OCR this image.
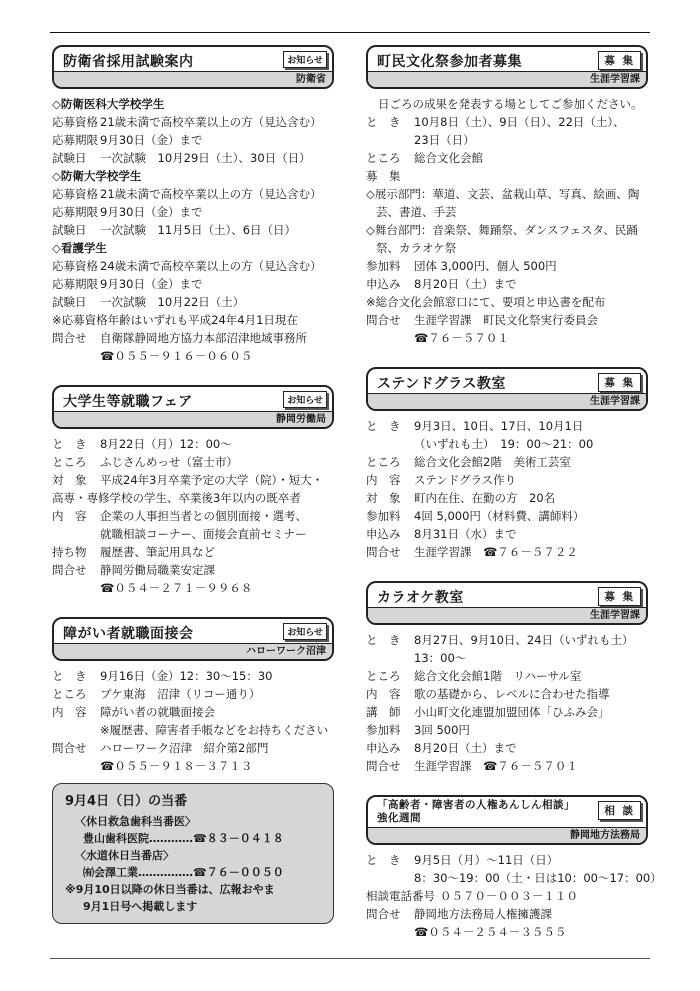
防衛省採用試験案内	お知らせ
防衛省
◇防衛医科大学校学生
応募資格 21歳未満で高校卒業以上の方（見込含む）
応募期限 9月30日（金）まで
試験日 一次試験　10月29日（土）、30日（日）
◇防衛大学校学生
応募資格 21歳未満で高校卒業以上の方（見込含む）
応募期限 9月30日（金）まで
試験日 一次試験　11月5日（土）、6日（日）
◇看護学生
応募資格 24歳未満で高校卒業以上の方（見込含む）
応募期限 9月30日（金）まで
試験日 一次試験　10月22日（土）
※応募資格年齢はいずれも平成24年4月1日現在
問合せ 自衛隊静岡地方協力本部沼津地域事務所
☎０５５－９１６－０６０５
大学生等就職フェア	お知らせ
静岡労働局
と　き 8月22日（月）12：00～
ところ ふじさんめっせ（富士市）
対　象 平成24年3月卒業予定の大学（院）・短大・
高専・専修学校の学生、卒業後3年以内の既卒者
内　容 企業の人事担当者との個別面接・選考、
就職相談コーナー、面接会直前セミナー
持ち物 履歴書、筆記用具など
問合せ 静岡労働局職業安定課
☎０５４－２７１－９９６８
障がい者就職面接会	お知らせ
ハローワーク沼津
と　き 9月16日（金）12：30～15：30
ところ プケ東海　沼津（リコー通り）
内　容 障がい者の就職面接会
※履歴書、障害者手帳などをお持ちください
問合せ ハローワーク沼津　紹介第2部門
☎０５５－９１８－３７１３
9月4日（日）の当番
〈休日救急歯科当番医〉
豊山歯科医院…………☎８３－０４１８
〈水道休日当番店〉
㈲会澤工業……………☎７６－００５０
※9月10日以降の休日当番は、広報おやま
9月1日号へ掲載します
町民文化祭参加者募集	募 集
生涯学習課
日ごろの成果を発表する場としてご参加ください。
と　き 10月8日（土）、9日（日）、22日（土）、
23日（日）
ところ 総合文化会館
募　集
◇展示部門：華道、文芸、盆栽山草、写真、絵画、陶
芸、書道、手芸
◇舞台部門：音楽祭、舞踊祭、ダンスフェスタ、民踊
祭、カラオケ祭
参加料 団体 3,000円、個人 500円
申込み 8月20日（土）まで
※総合文化会館窓口にて、要項と申込書を配布
問合せ 生涯学習課　町民文化祭実行委員会
☎７６－５７０１
ステンドグラス教室	募 集
生涯学習課
と　き 9月3日、10日、17日、10月1日
（いずれも土）　19：00～21：00
ところ 総合文化会館2階　美術工芸室
内　容 ステンドグラス作り
対　象 町内在住、在勤の方　20名
参加料 4回 5,000円（材料費、講師料）
申込み 8月31日（水）まで
問合せ 生涯学習課　☎７６－５７２２
カラオケ教室	募 集
生涯学習課
と　き 8月27日、9月10日、24日（いずれも土）
13：00～
ところ 総合文化会館1階　リハーサル室
内　容 歌の基礎から、レベルに合わせた指導
講　師 小山町文化連盟加盟団体「ひふみ会」
参加料 3回 500円
申込み 8月20日（土）まで
問合せ 生涯学習課　☎７６－５７０１
「高齢者・障害者の人権あんしん相談」
強化週間
相 談
静岡地方法務局
と　き 9月5日（月）～11日（日）
8：30～19：00（土・日は10：00～17：00）
相談電話番号 ０５７０－００３－１１０
問合せ 静岡地方法務局人権擁護課
☎０５４－２５４－３５５５
